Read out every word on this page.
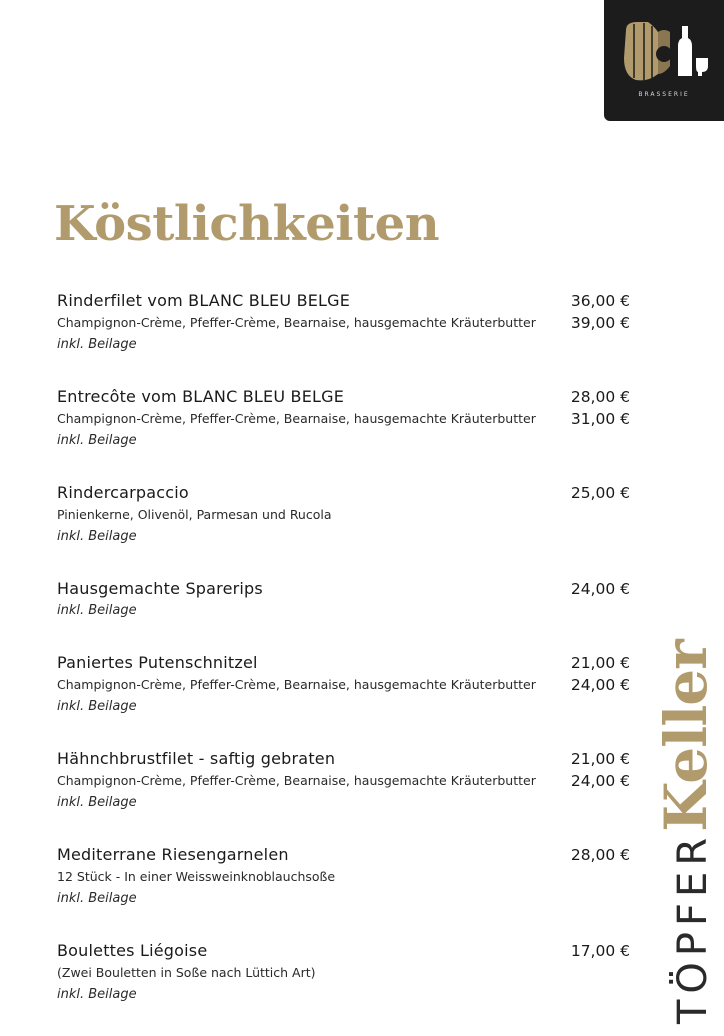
BRASSERIE
Köstlichkeiten
Rinderfilet vom BLANC BLEU BELGE
Champignon-Crème, Pfeffer-Crème, Bearnaise, hausgemachte Kräuterbutter
inkl. Beilage
36,00 €
39,00 €
Entrecôte vom BLANC BLEU BELGE
Champignon-Crème, Pfeffer-Crème, Bearnaise, hausgemachte Kräuterbutter
inkl. Beilage
28,00 €
31,00 €
Rindercarpaccio
Pinienkerne, Olivenöl, Parmesan und Rucola
inkl. Beilage
25,00 €
Hausgemachte Sparerips
inkl. Beilage
24,00 €
Paniertes Putenschnitzel
Champignon-Crème, Pfeffer-Crème, Bearnaise, hausgemachte Kräuterbutter
inkl. Beilage
21,00 €
24,00 €
Hähnchbrustfilet - saftig gebraten
Champignon-Crème, Pfeffer-Crème, Bearnaise, hausgemachte Kräuterbutter
inkl. Beilage
21,00 €
24,00 €
Mediterrane Riesengarnelen
12 Stück - In einer Weissweinknoblauchsoße
inkl. Beilage
28,00 €
Boulettes Liégoise
(Zwei Bouletten in Soße nach Lüttich Art)
inkl. Beilage
17,00 €	TÖPFERKeller
